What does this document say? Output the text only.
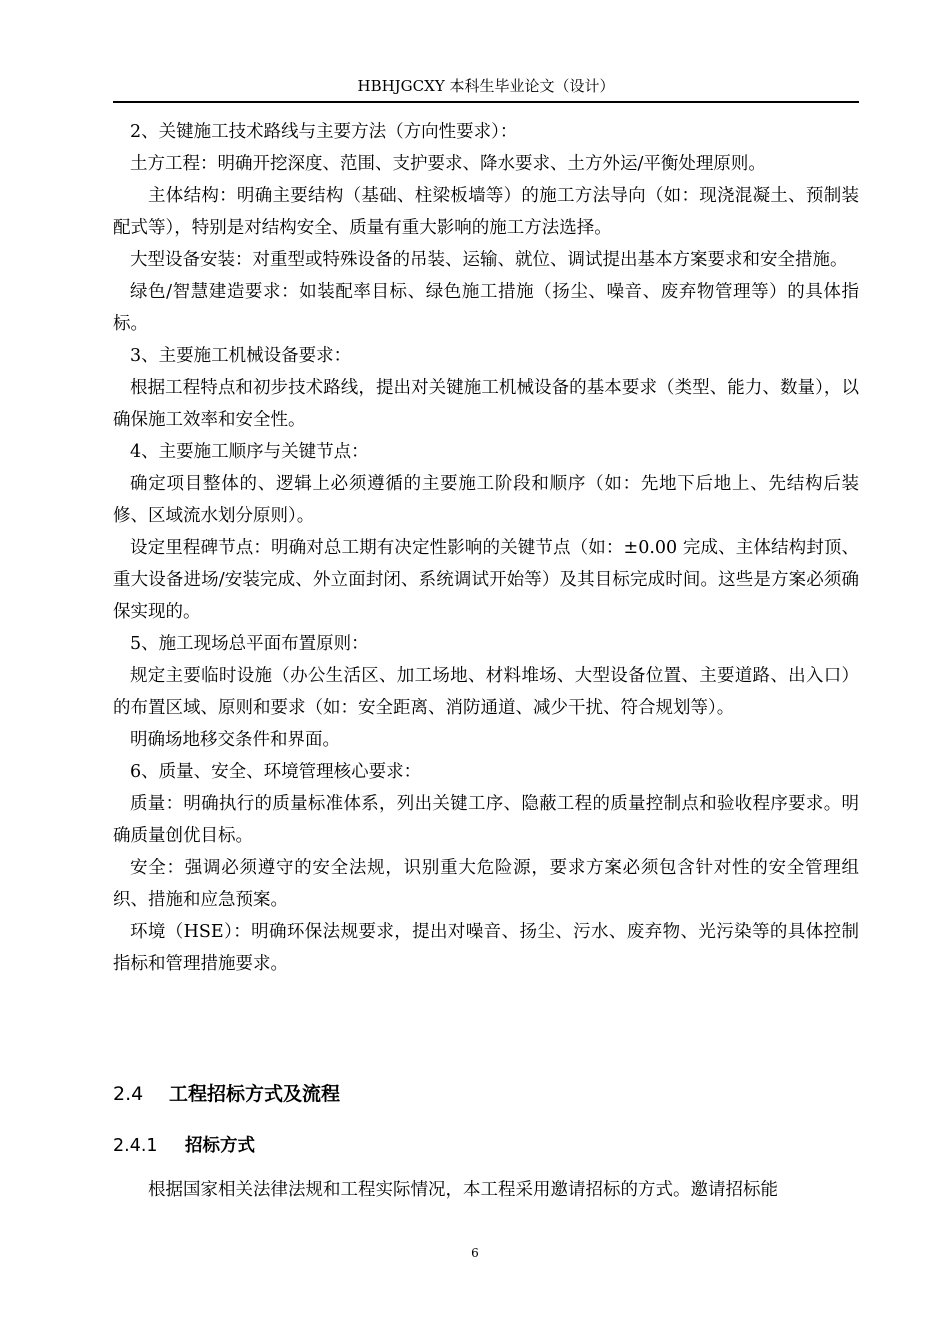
HBHJGCXY 本科生毕业论文（设计）

2、关键施工技术路线与主要方法（方向性要求）：

土方工程：明确开挖深度、范围、支护要求、降水要求、土方外运/平衡处理原则。

主体结构：明确主要结构（基础、柱梁板墙等）的施工方法导向（如：现浇混凝土、预制装配式等），特别是对结构安全、质量有重大影响的施工方法选择。

大型设备安装：对重型或特殊设备的吊装、运输、就位、调试提出基本方案要求和安全措施。

绿色/智慧建造要求：如装配率目标、绿色施工措施（扬尘、噪音、废弃物管理等）的具体指标。

3、主要施工机械设备要求：

根据工程特点和初步技术路线，提出对关键施工机械设备的基本要求（类型、能力、数量），以确保施工效率和安全性。

4、主要施工顺序与关键节点：

确定项目整体的、逻辑上必须遵循的主要施工阶段和顺序（如：先地下后地上、先结构后装修、区域流水划分原则）。

设定里程碑节点：明确对总工期有决定性影响的关键节点（如：±0.00 完成、主体结构封顶、重大设备进场/安装完成、外立面封闭、系统调试开始等）及其目标完成时间。这些是方案必须确保实现的。

5、施工现场总平面布置原则：

规定主要临时设施（办公生活区、加工场地、材料堆场、大型设备位置、主要道路、出入口）的布置区域、原则和要求（如：安全距离、消防通道、减少干扰、符合规划等）。

明确场地移交条件和界面。

6、质量、安全、环境管理核心要求：

质量：明确执行的质量标准体系，列出关键工序、隐蔽工程的质量控制点和验收程序要求。明确质量创优目标。

安全：强调必须遵守的安全法规，识别重大危险源，要求方案必须包含针对性的安全管理组织、措施和应急预案。

环境（HSE）：明确环保法规要求，提出对噪音、扬尘、污水、废弃物、光污染等的具体控制指标和管理措施要求。

2.4 工程招标方式及流程
2.4.1 招标方式

根据国家相关法律法规和工程实际情况，本工程采用邀请招标的方式。邀请招标能

6
